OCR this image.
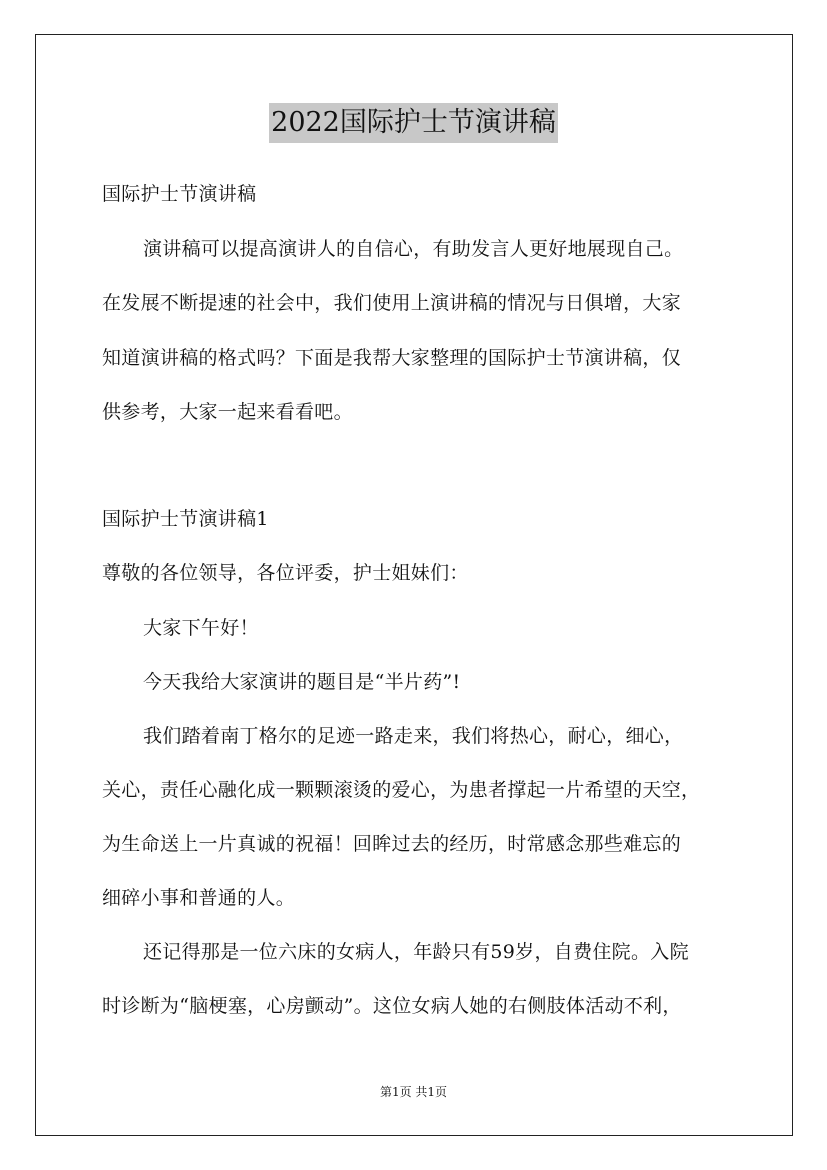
2022国际护士节演讲稿
国际护士节演讲稿
演讲稿可以提高演讲人的自信心，有助发言人更好地展现自己。
在发展不断提速的社会中，我们使用上演讲稿的情况与日俱增，大家
知道演讲稿的格式吗？下面是我帮大家整理的国际护士节演讲稿，仅
供参考，大家一起来看看吧。
国际护士节演讲稿1
尊敬的各位领导，各位评委，护士姐妹们：
大家下午好！
今天我给大家演讲的题目是“半片药”!
我们踏着南丁格尔的足迹一路走来，我们将热心，耐心，细心，
关心，责任心融化成一颗颗滚烫的爱心，为患者撑起一片希望的天空，
为生命送上一片真诚的祝福！回眸过去的经历，时常感念那些难忘的
细碎小事和普通的人。
还记得那是一位六床的女病人，年龄只有59岁，自费住院。入院
时诊断为“脑梗塞，心房颤动”。这位女病人她的右侧肢体活动不利，
第1页 共1页
